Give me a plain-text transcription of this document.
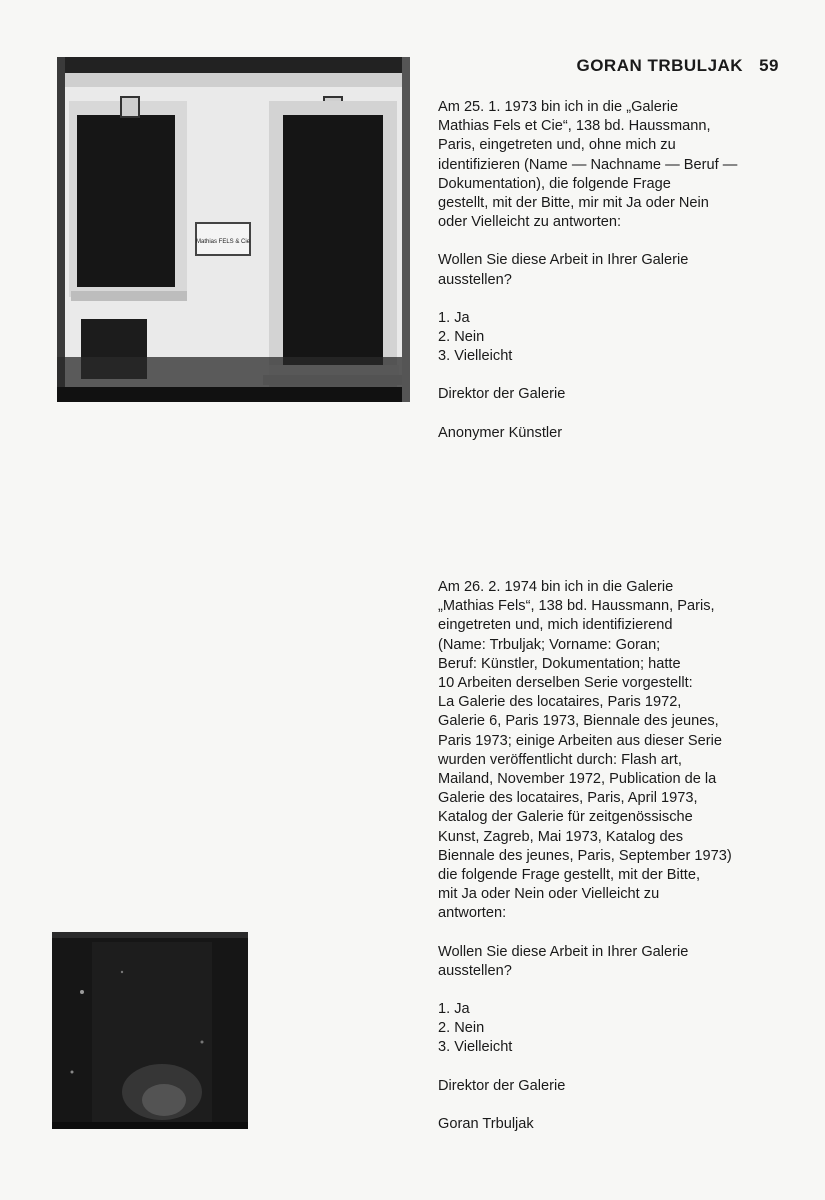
GORAN TRBULJAK 59
Mathias FELS & Cie

Am 25. 1. 1973 bin ich in die „Galerie
Mathias Fels et Cie“, 138 bd. Haussmann,
Paris, eingetreten und, ohne mich zu
identifizieren (Name — Nachname — Beruf —
Dokumentation), die folgende Frage
gestellt, mit der Bitte, mir mit Ja oder Nein
oder Vielleicht zu antworten:

Wollen Sie diese Arbeit in Ihrer Galerie
ausstellen?

1. Ja
2. Nein
3. Vielleicht

Direktor der Galerie

Anonymer Künstler

Am 26. 2. 1974 bin ich in die Galerie
„Mathias Fels“, 138 bd. Haussmann, Paris,
eingetreten und, mich identifizierend
(Name: Trbuljak; Vorname: Goran;
Beruf: Künstler, Dokumentation; hatte
10 Arbeiten derselben Serie vorgestellt:
La Galerie des locataires, Paris 1972,
Galerie 6, Paris 1973, Biennale des jeunes,
Paris 1973; einige Arbeiten aus dieser Serie
wurden veröffentlicht durch: Flash art,
Mailand, November 1972, Publication de la
Galerie des locataires, Paris, April 1973,
Katalog der Galerie für zeitgenössische
Kunst, Zagreb, Mai 1973, Katalog des
Biennale des jeunes, Paris, September 1973)
die folgende Frage gestellt, mit der Bitte,
mit Ja oder Nein oder Vielleicht zu
antworten:

Wollen Sie diese Arbeit in Ihrer Galerie
ausstellen?

1. Ja
2. Nein
3. Vielleicht

Direktor der Galerie

Goran Trbuljak
